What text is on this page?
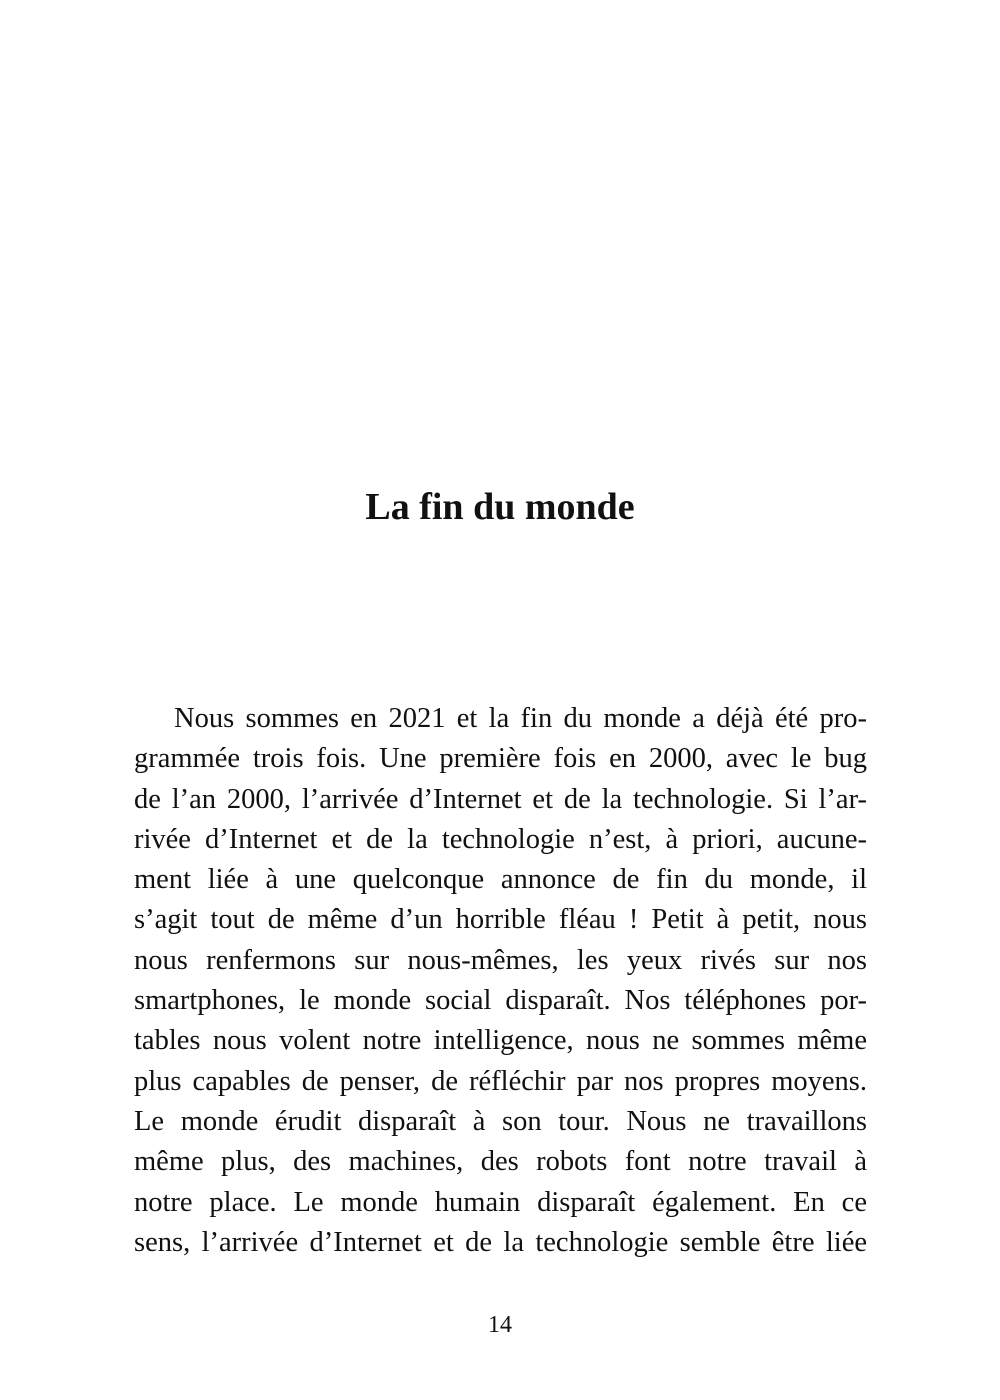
La fin du monde
Nous sommes en 2021 et la fin du monde a déjà été pro-
grammée trois fois. Une première fois en 2000, avec le bug
de l’an 2000, l’arrivée d’Internet et de la technologie. Si l’ar-
rivée d’Internet et de la technologie n’est, à priori, aucune-
ment liée à une quelconque annonce de fin du monde, il
s’agit tout de même d’un horrible fléau ! Petit à petit, nous
nous renfermons sur nous-mêmes, les yeux rivés sur nos
smartphones, le monde social disparaît. Nos téléphones por-
tables nous volent notre intelligence, nous ne sommes même
plus capables de penser, de réfléchir par nos propres moyens.
Le monde érudit disparaît à son tour. Nous ne travaillons
même plus, des machines, des robots font notre travail à
notre place. Le monde humain disparaît également. En ce
sens, l’arrivée d’Internet et de la technologie semble être liée
14
